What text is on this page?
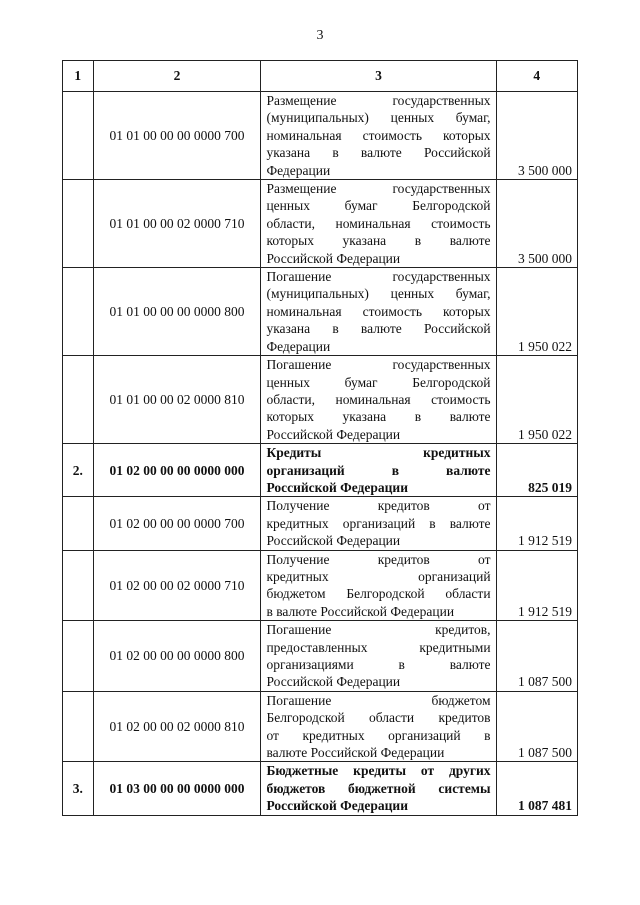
3
1	2	3	4
	01 01 00 00 00 0000 700	Размещение государственных
(муниципальных) ценных бумаг,
номинальная стоимость которых
указана в валюте Российской
Федерации	3 500 000
	01 01 00 00 02 0000 710	Размещение государственных
ценных бумаг Белгородской
области, номинальная стоимость
которых указана в валюте
Российской Федерации	3 500 000
	01 01 00 00 00 0000 800	Погашение государственных
(муниципальных) ценных бумаг,
номинальная стоимость которых
указана в валюте Российской
Федерации	1 950 022
	01 01 00 00 02 0000 810	Погашение государственных
ценных бумаг Белгородской
области, номинальная стоимость
которых указана в валюте
Российской Федерации	1 950 022
2.	01 02 00 00 00 0000 000	Кредиты кредитных
организаций в валюте
Российской Федерации	825 019
	01 02 00 00 00 0000 700	Получение кредитов от
кредитных организаций в валюте
Российской Федерации	1 912 519
	01 02 00 00 02 0000 710	Получение кредитов от
кредитных организаций
бюджетом Белгородской области
в валюте Российской Федерации	1 912 519
	01 02 00 00 00 0000 800	Погашение кредитов,
предоставленных кредитными
организациями в валюте
Российской Федерации	1 087 500
	01 02 00 00 02 0000 810	Погашение бюджетом
Белгородской области кредитов
от кредитных организаций в
валюте Российской Федерации	1 087 500
3.	01 03 00 00 00 0000 000	Бюджетные кредиты от других
бюджетов бюджетной системы
Российской Федерации	1 087 481
